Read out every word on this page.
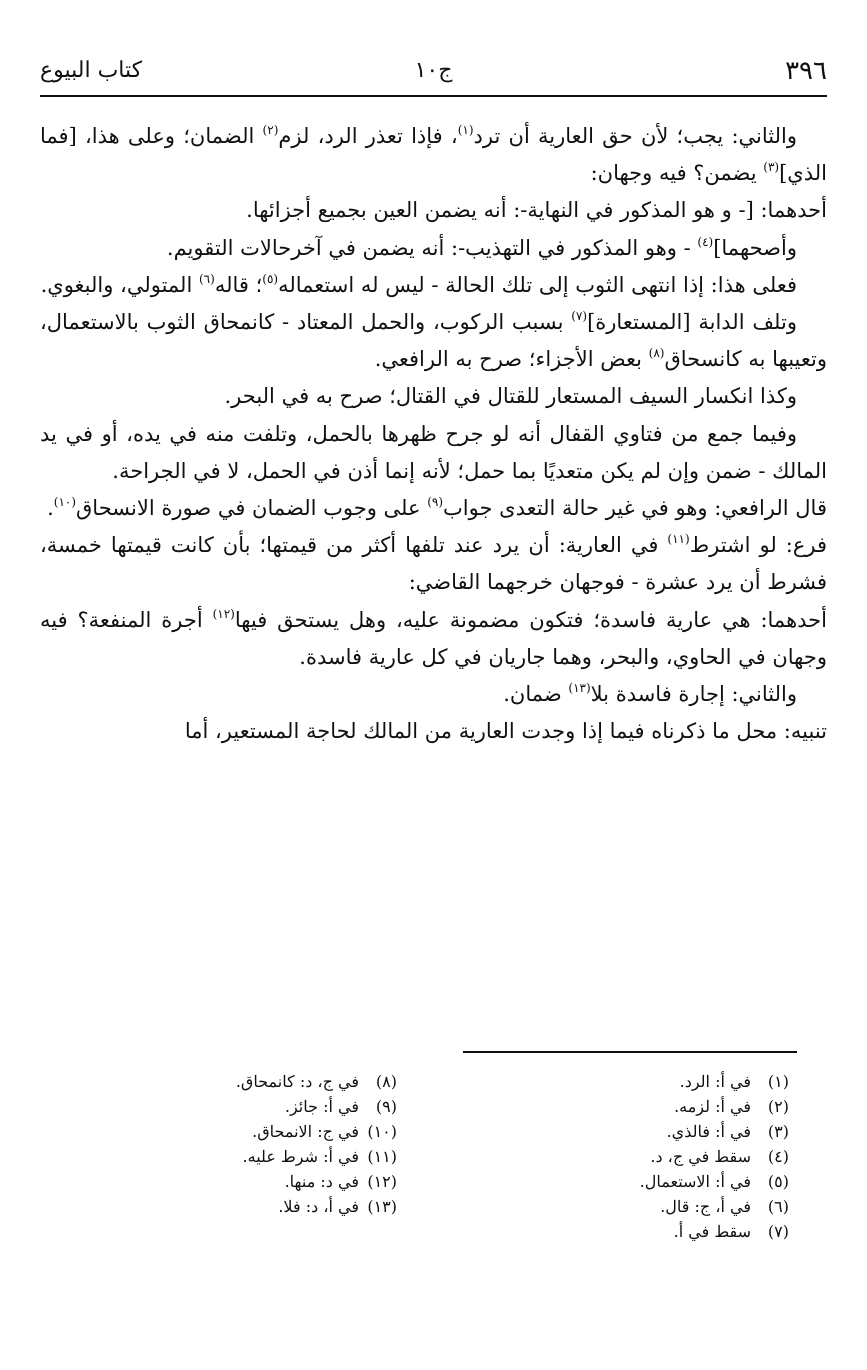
٣٩٦
ج١٠
كتاب البيوع

والثاني: يجب؛ لأن حق العارية أن ترد$^{(١)}$، فإذا تعذر الرد، لزم$^{(٢)}$ الضمان؛ وعلى هذا، [فما الذي]$^{(٣)}$ يضمن؟ فيه وجهان:

أحدهما: [- و هو المذكور في النهاية-: أنه يضمن العين بجميع أجزائها.

وأصحهما]$^{(٤)}$ - وهو المذكور في التهذيب-: أنه يضمن في آخرحالات التقويم.

فعلى هذا: إذا انتهى الثوب إلى تلك الحالة - ليس له استعماله$^{(٥)}$؛ قاله$^{(٦)}$ المتولي، والبغوي.

وتلف الدابة [المستعارة]$^{(٧)}$ بسبب الركوب، والحمل المعتاد - كانمحاق الثوب بالاستعمال، وتعيبها به كانسحاق$^{(٨)}$ بعض الأجزاء؛ صرح به الرافعي.

وكذا انكسار السيف المستعار للقتال في القتال؛ صرح به في البحر.

وفيما جمع من فتاوي القفال أنه لو جرح ظهرها بالحمل، وتلفت منه في يده، أو في يد المالك - ضمن وإن لم يكن متعديًا بما حمل؛ لأنه إنما أذن في الحمل، لا في الجراحة.

قال الرافعي: وهو في غير حالة التعدى جواب$^{(٩)}$ على وجوب الضمان في صورة الانسحاق$^{(١٠)}$.

فرع: لو اشترط$^{(١١)}$ في العارية: أن يرد عند تلفها أكثر من قيمتها؛ بأن كانت قيمتها خمسة، فشرط أن يرد عشرة - فوجهان خرجهما القاضي:

أحدهما: هي عارية فاسدة؛ فتكون مضمونة عليه، وهل يستحق فيها$^{(١٢)}$ أجرة المنفعة؟ فيه وجهان في الحاوي، والبحر، وهما جاريان في كل عارية فاسدة.

والثاني: إجارة فاسدة بلا$^{(١٣)}$ ضمان.

تنبيه: محل ما ذكرناه فيما إذا وجدت العارية من المالك لحاجة المستعير، أما

(١)في أ: الرد.
(٢)في أ: لزمه.
(٣)في أ: فالذي.
(٤)سقط في ج، د.
(٥)في أ: الاستعمال.
(٦)في أ، ج: قال.
(٧)سقط في أ.
(٨)في ج، د: كانمحاق.
(٩)في أ: جائز.
(١٠)في ج: الانمحاق.
(١١)في أ: شرط عليه.
(١٢)في د: منها.
(١٣)في أ، د: فلا.
